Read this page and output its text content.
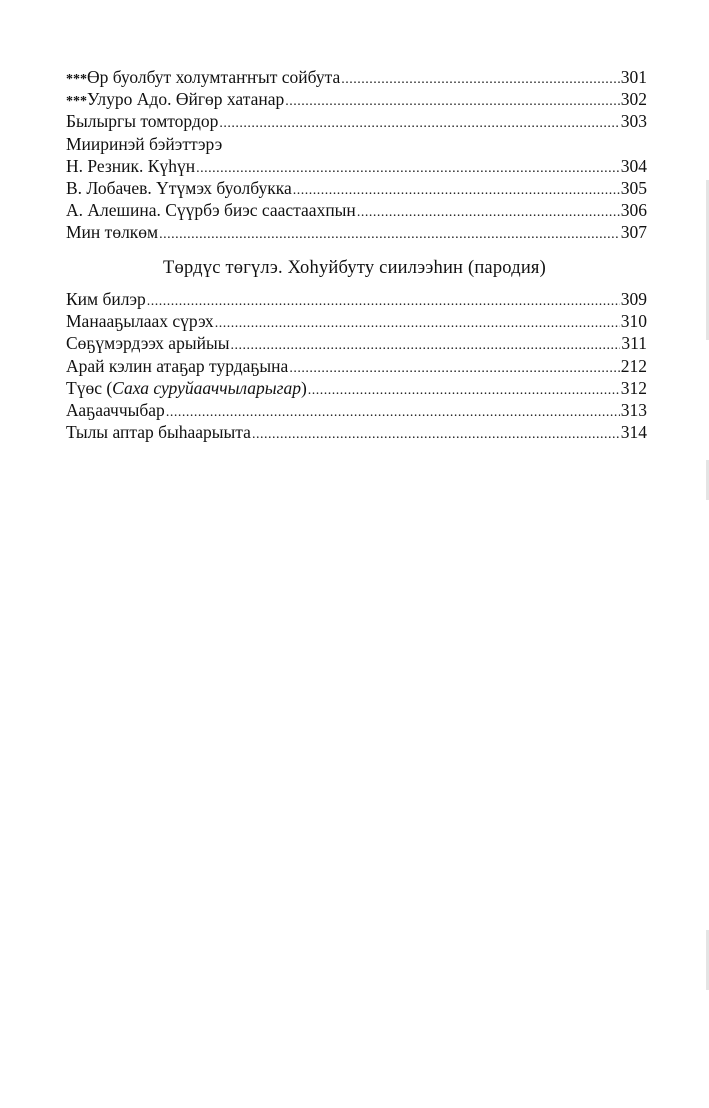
***Өр буолбут холумтаҥҥыт сойбута .....	301
***Улуро Адо. Өйгөр хатанар .....	302
Былыргы томтордор .....	303
Мииринэй бэйэттэрэ
Н. Резник. Күһүн .....	304
В. Лобачев. Үтүмэх буолбукка .....	305
А. Алешина. Сүүрбэ биэс саастаахпын .....	306
Мин төлкөм .....	307
Төрдүс төгүлэ. Хоһуйбуту сиилээһин (пародия)
Ким билэр .....	309
Манааҕылаах сүрэх .....	310
Сөҕүмэрдээх арыйыы .....	311
Арай кэлин атаҕар турдаҕына .....	212
Түөс (Саха суруйааччыларыгар) .....	312
Ааҕааччыбар .....	313
Тылы аптар быһаарыыта .....	314
